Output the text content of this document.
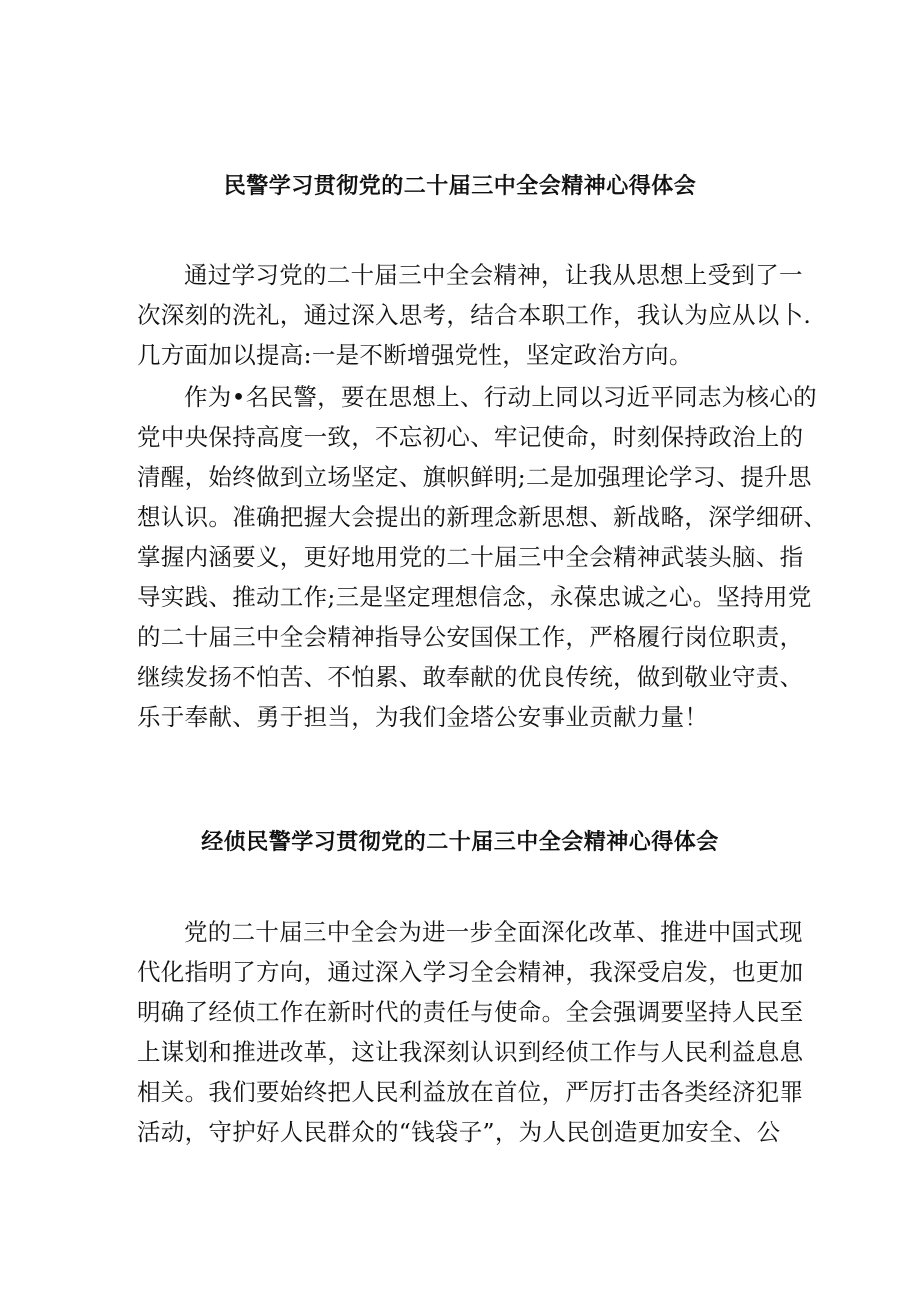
民警学习贯彻党的二十届三中全会精神心得体会
通过学习党的二十届三中全会精神，让我从思想上受到了一
次深刻的洗礼，通过深入思考，结合本职工作，我认为应从以卜.
几方面加以提高:一是不断增强党性，坚定政治方向。
作为•名民警，要在思想上、行动上同以习近平同志为核心的
党中央保持高度一致，不忘初心、牢记使命，时刻保持政治上的
清醒，始终做到立场坚定、旗帜鲜明;二是加强理论学习、提升思
想认识。准确把握大会提出的新理念新思想、新战略，深学细研、
掌握内涵要义，更好地用党的二十届三中全会精神武装头脑、指
导实践、推动工作;三是坚定理想信念，永葆忠诚之心。坚持用党
的二十届三中全会精神指导公安国保工作，严格履行岗位职责，
继续发扬不怕苦、不怕累、敢奉献的优良传统，做到敬业守责、
乐于奉献、勇于担当，为我们金塔公安事业贡献力量！
经侦民警学习贯彻党的二十届三中全会精神心得体会
党的二十届三中全会为进一步全面深化改革、推进中国式现
代化指明了方向，通过深入学习全会精神，我深受启发，也更加
明确了经侦工作在新时代的责任与使命。全会强调要坚持人民至
上谋划和推进改革，这让我深刻认识到经侦工作与人民利益息息
相关。我们要始终把人民利益放在首位，严厉打击各类经济犯罪
活动，守护好人民群众的“钱袋子”，为人民创造更加安全、公
